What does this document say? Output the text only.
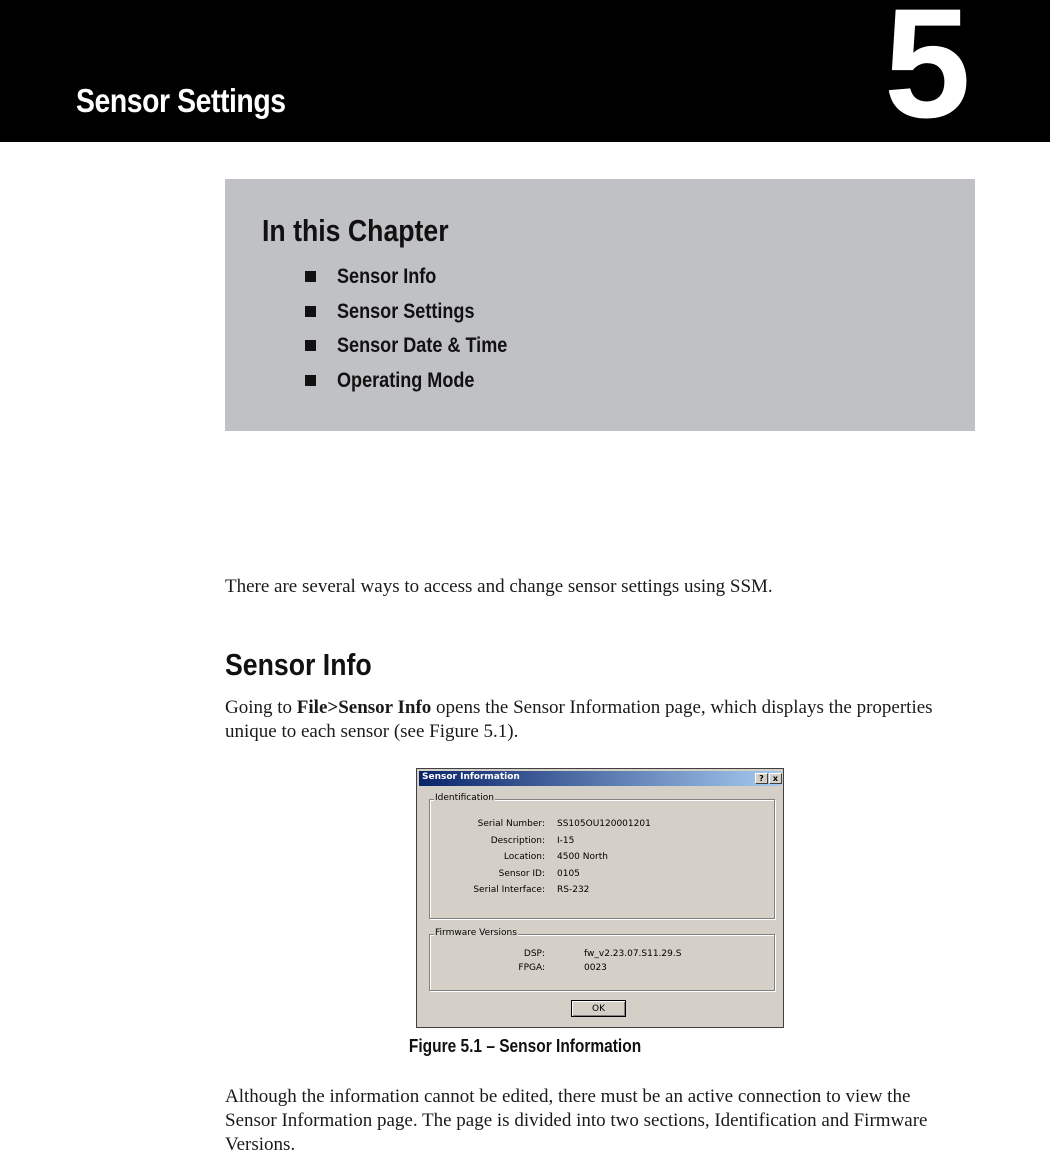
Sensor Settings	5
In this Chapter
Sensor Info
Sensor Settings
Sensor Date & Time
Operating Mode

There are several ways to access and change sensor settings using SSM.

Sensor Info

Going to File>Sensor Info opens the Sensor Information page, which displays the properties unique to each sensor (see Figure 5.1).

Sensor Information	?	x
Identification
Serial Number: SS105OU120001201
Description: I-15
Location: 4500 North
Sensor ID: 0105
Serial Interface: RS-232
Firmware Versions
DSP:	fw_v2.23.07.S11.29.S
FPGA:	0023
OK
Figure 5.1 – Sensor Information

Although the information cannot be edited, there must be an active connection to view the Sensor Information page. The page is divided into two sections, Identification and Firmware Versions.
